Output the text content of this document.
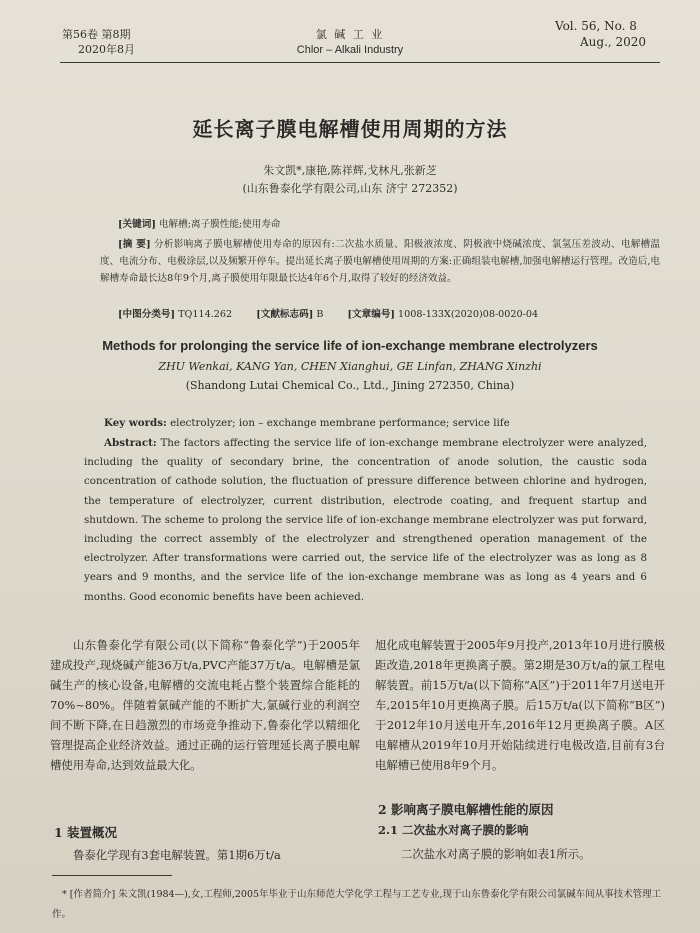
第56卷 第8期
2020年8月
氯 碱 工 业
Chlor – Alkali Industry
Vol. 56, No. 8
Aug., 2020
延长离子膜电解槽使用周期的方法
朱文凯*,康艳,陈祥辉,戈林凡,张新芝
(山东鲁泰化学有限公司,山东 济宁 272352)
[关键词] 电解槽;离子膜性能;使用寿命
[摘 要] 分析影响离子膜电解槽使用寿命的原因有:二次盐水质量、阳极液浓度、阴极液中烧碱浓度、氯氢压差波动、电解槽温度、电流分布、电极涂层,以及频繁开停车。提出延长离子膜电解槽使用周期的方案:正确组装电解槽,加强电解槽运行管理。改造后,电解槽寿命最长达8年9个月,离子膜使用年限最长达4年6个月,取得了较好的经济效益。
[中图分类号] TQ114.262	[文献标志码] B	[文章编号] 1008-133X(2020)08-0020-04
Methods for prolonging the service life of ion-exchange membrane electrolyzers
ZHU Wenkai, KANG Yan, CHEN Xianghui, GE Linfan, ZHANG Xinzhi
(Shandong Lutai Chemical Co., Ltd., Jining 272350, China)
Key words: electrolyzer; ion – exchange membrane performance; service life
Abstract: The factors affecting the service life of ion-exchange membrane electrolyzer were analyzed, including the quality of secondary brine, the concentration of anode solution, the caustic soda concentration of cathode solution, the fluctuation of pressure difference between chlorine and hydrogen, the temperature of electrolyzer, current distribution, electrode coating, and frequent startup and shutdown. The scheme to prolong the service life of ion-exchange membrane electrolyzer was put forward, including the correct assembly of the electrolyzer and strengthened operation management of the electrolyzer. After transformations were carried out, the service life of the electrolyzer was as long as 8 years and 9 months, and the service life of the ion-exchange membrane was as long as 4 years and 6 months. Good economic benefits have been achieved.
山东鲁泰化学有限公司(以下简称“鲁泰化学”)于2005年建成投产,现烧碱产能36万t/a,PVC产能37万t/a。电解槽是氯碱生产的核心设备,电解槽的交流电耗占整个装置综合能耗的70%~80%。伴随着氯碱产能的不断扩大,氯碱行业的利润空间不断下降,在日趋激烈的市场竞争推动下,鲁泰化学以精细化管理提高企业经济效益。通过正确的运行管理延长离子膜电解槽使用寿命,达到效益最大化。
1 装置概况
鲁泰化学现有3套电解装置。第1期6万t/a
旭化成电解装置于2005年9月投产,2013年10月进行膜极距改造,2018年更换离子膜。第2期是30万t/a的氯工程电解装置。前15万t/a(以下简称“A区”)于2011年7月送电开车,2015年10月更换离子膜。后15万t/a(以下简称“B区”)于2012年10月送电开车,2016年12月更换离子膜。A区电解槽从2019年10月开始陆续进行电极改造,目前有3台电解槽已使用8年9个月。
2 影响离子膜电解槽性能的原因
2.1 二次盐水对离子膜的影响
二次盐水对离子膜的影响如表1所示。
* [作者简介] 朱文凯(1984—),女,工程师,2005年毕业于山东师范大学化学工程与工艺专业,现于山东鲁泰化学有限公司氯碱车间从事技术管理工作。
